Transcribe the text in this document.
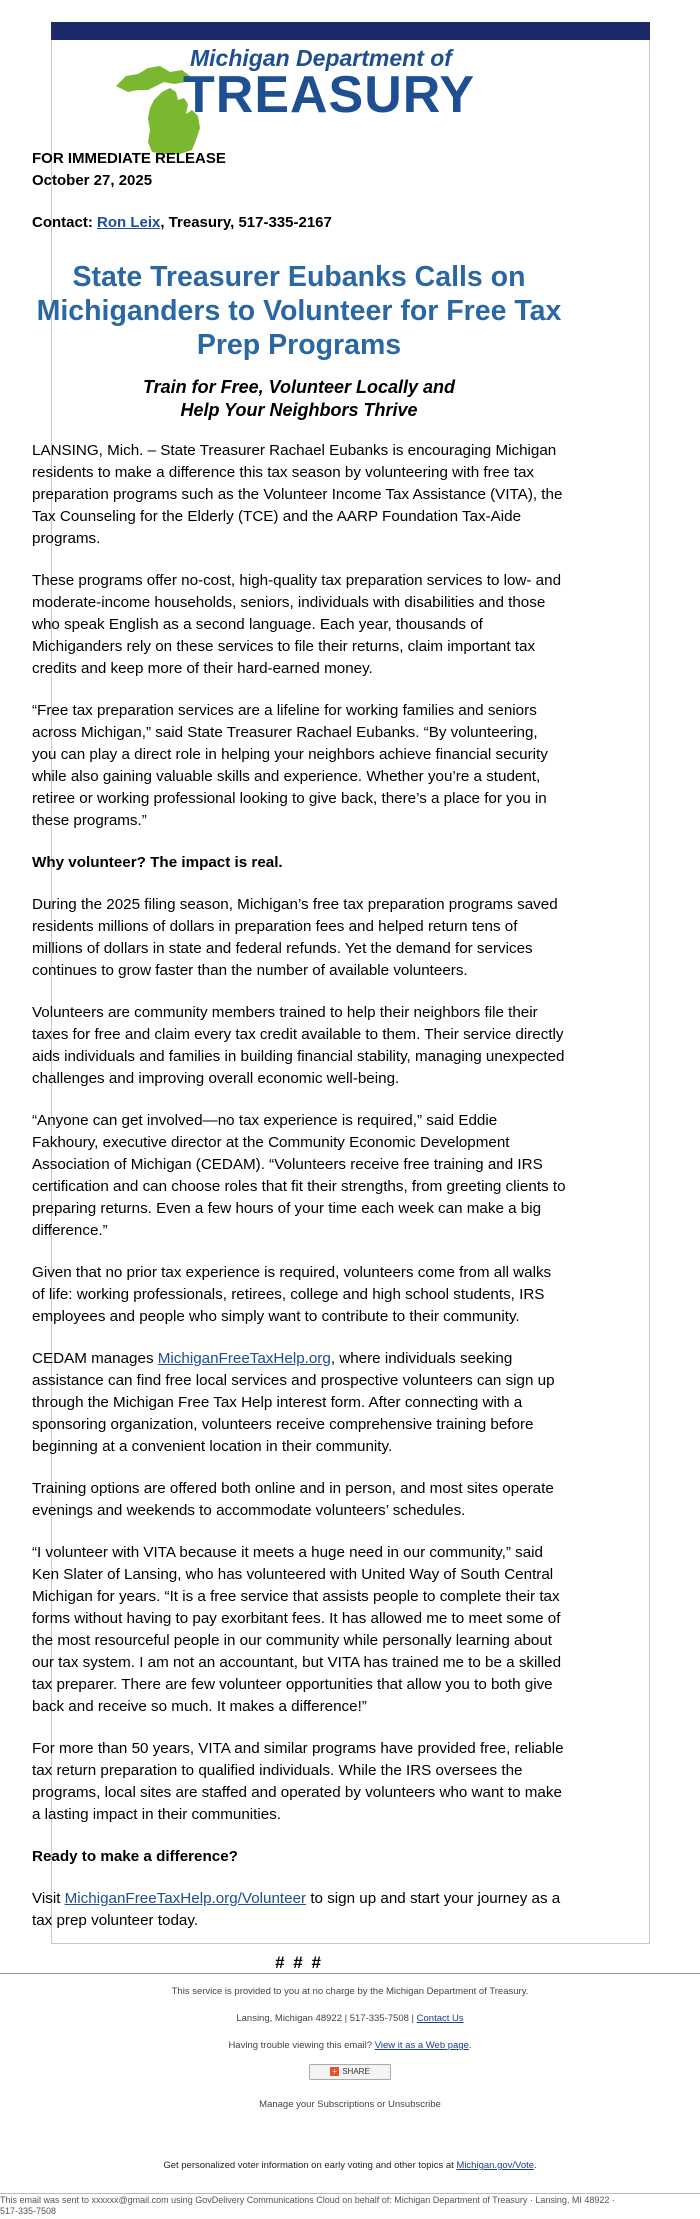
Michigan Department of
TREASURY

FOR IMMEDIATE RELEASE

October 27, 2025

Contact: Ron Leix, Treasury, 517-335-2167

State Treasurer Eubanks Calls on Michiganders to Volunteer for Free Tax Prep Programs

Train for Free, Volunteer Locally and
Help Your Neighbors Thrive

LANSING, Mich. – State Treasurer Rachael Eubanks is encouraging Michigan residents to make a difference this tax season by volunteering with free tax preparation programs such as the Volunteer Income Tax Assistance (VITA), the Tax Counseling for the Elderly (TCE) and the AARP Foundation Tax-Aide programs.

These programs offer no-cost, high-quality tax preparation services to low- and moderate-income households, seniors, individuals with disabilities and those who speak English as a second language. Each year, thousands of Michiganders rely on these services to file their returns, claim important tax credits and keep more of their hard-earned money.

“Free tax preparation services are a lifeline for working families and seniors across Michigan,” said State Treasurer Rachael Eubanks. “By volunteering, you can play a direct role in helping your neighbors achieve financial security while also gaining valuable skills and experience. Whether you’re a student, retiree or working professional looking to give back, there’s a place for you in these programs.”

Why volunteer? The impact is real.

During the 2025 filing season, Michigan’s free tax preparation programs saved residents millions of dollars in preparation fees and helped return tens of millions of dollars in state and federal refunds. Yet the demand for services continues to grow faster than the number of available volunteers.

Volunteers are community members trained to help their neighbors file their taxes for free and claim every tax credit available to them. Their service directly aids individuals and families in building financial stability, managing unexpected challenges and improving overall economic well-being.

“Anyone can get involved—no tax experience is required,” said Eddie Fakhoury, executive director at the Community Economic Development Association of Michigan (CEDAM). “Volunteers receive free training and IRS certification and can choose roles that fit their strengths, from greeting clients to preparing returns. Even a few hours of your time each week can make a big difference.”

Given that no prior tax experience is required, volunteers come from all walks of life: working professionals, retirees, college and high school students, IRS employees and people who simply want to contribute to their community.

CEDAM manages MichiganFreeTaxHelp.org, where individuals seeking assistance can find free local services and prospective volunteers can sign up through the Michigan Free Tax Help interest form. After connecting with a sponsoring organization, volunteers receive comprehensive training before beginning at a convenient location in their community.

Training options are offered both online and in person, and most sites operate evenings and weekends to accommodate volunteers’ schedules.

“I volunteer with VITA because it meets a huge need in our community,” said Ken Slater of Lansing, who has volunteered with United Way of South Central Michigan for years. “It is a free service that assists people to complete their tax forms without having to pay exorbitant fees. It has allowed me to meet some of the most resourceful people in our community while personally learning about our tax system. I am not an accountant, but VITA has trained me to be a skilled tax preparer. There are few volunteer opportunities that allow you to both give back and receive so much. It makes a difference!”

For more than 50 years, VITA and similar programs have provided free, reliable tax return preparation to qualified individuals. While the IRS oversees the programs, local sites are staffed and operated by volunteers who want to make a lasting impact in their communities.

Ready to make a difference?

Visit MichiganFreeTaxHelp.org/Volunteer to sign up and start your journey as a tax prep volunteer today.

# # #

This service is provided to you at no charge by the Michigan Department of Treasury.

Lansing, Michigan 48922 | 517-335-7508 | Contact Us

Having trouble viewing this email? View it as a Web page.

+ SHARE

Manage your Subscriptions or Unsubscribe

Get personalized voter information on early voting and other topics at Michigan.gov/Vote.
This email was sent to xxxxxx@gmail.com using GovDelivery Communications Cloud on behalf of: Michigan Department of Treasury · Lansing, MI 48922 ·
517-335-7508
